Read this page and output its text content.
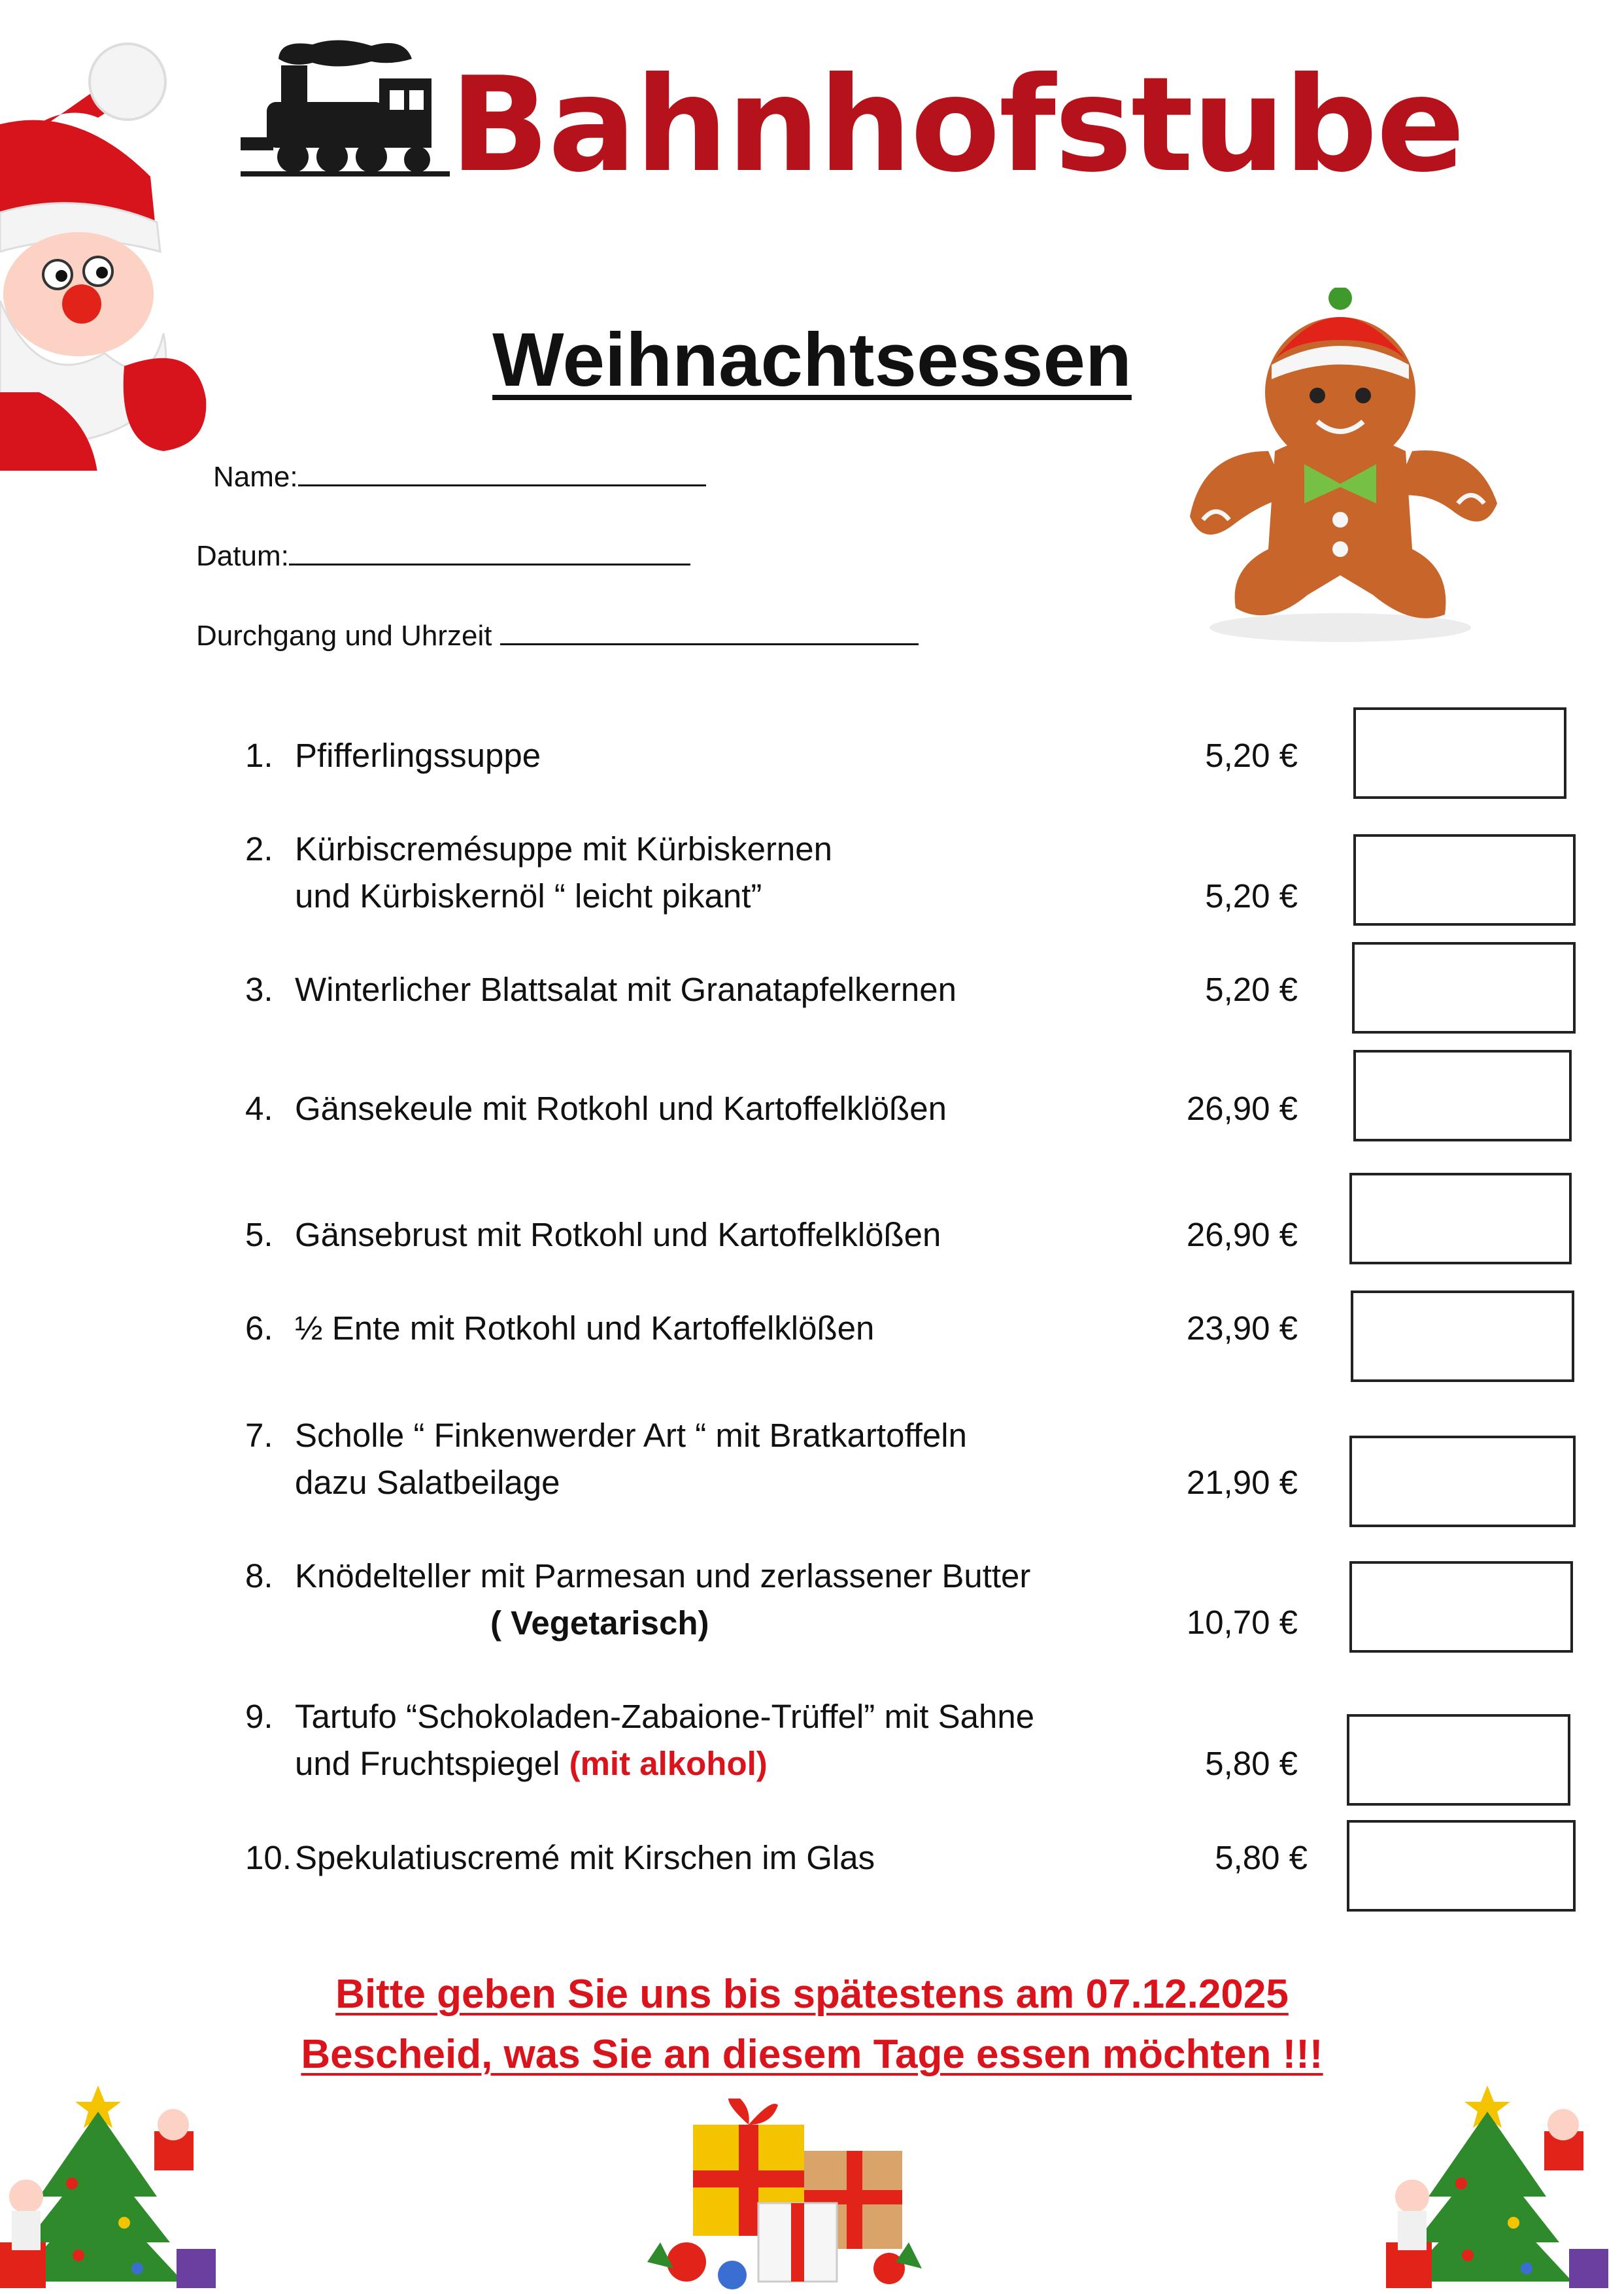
Bahnhofstube
Weihnachtsessen
Name:
Datum:
Durchgang und Uhrzeit
1. Pfifferlingssuppe	5,20 €
2. Kürbiscremésuppe mit Kürbiskernen
und Kürbiskernöl “ leicht pikant”	5,20 €
3. Winterlicher Blattsalat mit Granatapfelkernen	5,20 €
4. Gänsekeule mit Rotkohl und Kartoffelklößen	26,90 €
5. Gänsebrust mit Rotkohl und Kartoffelklößen	26,90 €
6. ½ Ente mit Rotkohl und Kartoffelklößen	23,90 €
7. Scholle “ Finkenwerder Art “ mit Bratkartoffeln
dazu Salatbeilage	21,90 €
8. Knödelteller mit Parmesan und zerlassener Butter
( Vegetarisch)	10,70 €
9. Tartufo “Schokoladen-Zabaione-Trüffel” mit Sahne
und Fruchtspiegel (mit alkohol)	5,80 €
10.Spekulatiuscremé mit Kirschen im Glas	5,80 €
Bitte geben Sie uns bis spätestens am 07.12.2025
Bescheid, was Sie an diesem Tage essen möchten !!!
